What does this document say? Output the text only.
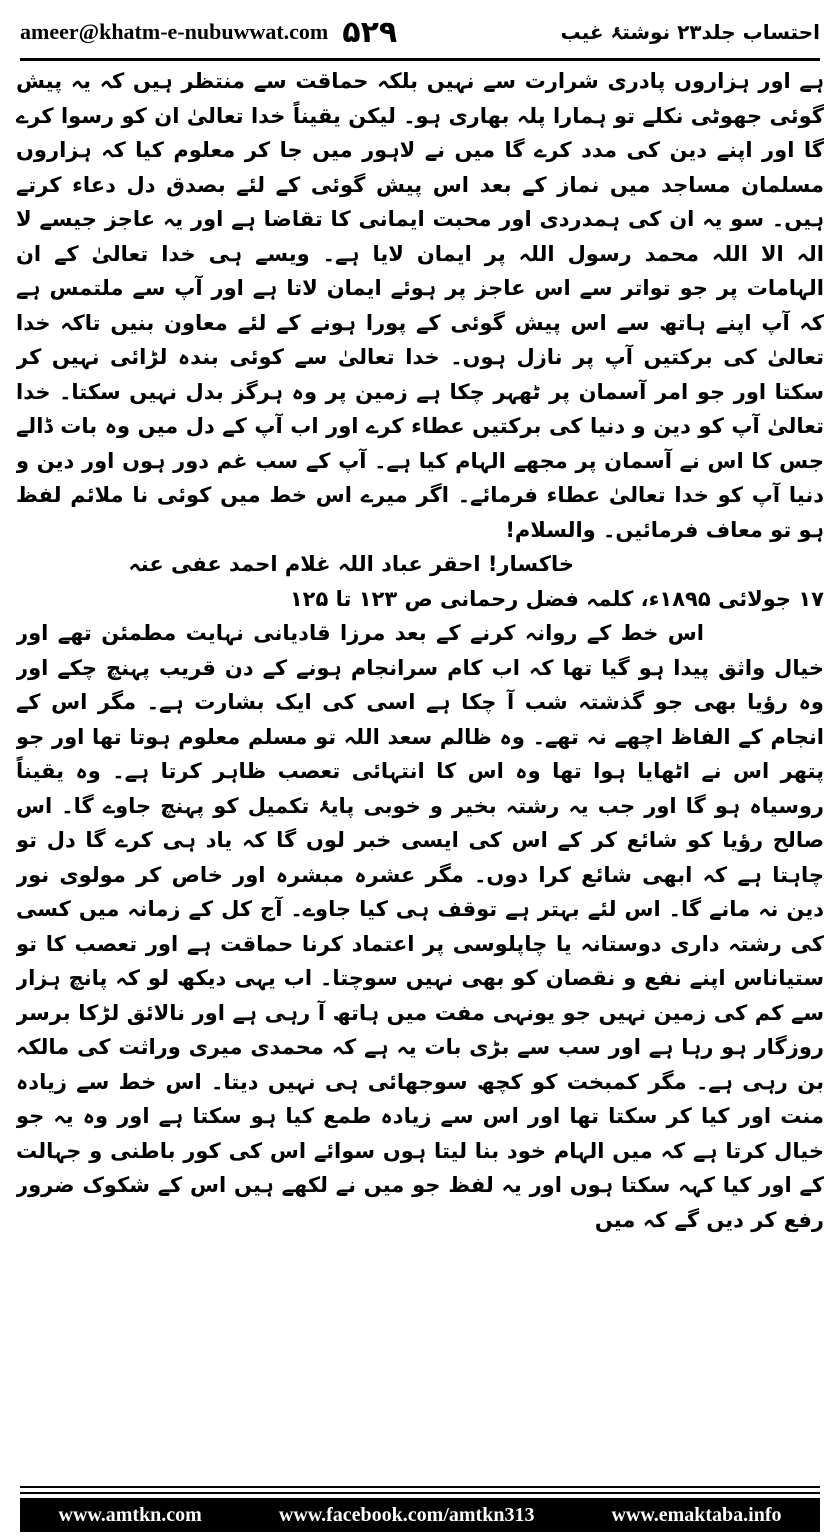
ameer@khatm-e-nubuwwat.com ۵۲۹	احتساب جلد۲۳ نوشتۂ غیب

ہے اور ہزاروں پادری شرارت سے نہیں بلکہ حماقت سے منتظر ہیں کہ یہ پیش گوئی جھوٹی نکلے تو ہمارا پلہ بھاری ہو۔ لیکن یقیناً خدا تعالیٰ ان کو رسوا کرے گا اور اپنے دین کی مدد کرے گا میں نے لاہور میں جا کر معلوم کیا کہ ہزاروں مسلمان مساجد میں نماز کے بعد اس پیش گوئی کے لئے بصدق دل دعاء کرتے ہیں۔ سو یہ ان کی ہمدردی اور محبت ایمانی کا تقاضا ہے اور یہ عاجز جیسے لا الہ الا اللہ محمد رسول اللہ پر ایمان لایا ہے۔ ویسے ہی خدا تعالیٰ کے ان الہامات پر جو تواتر سے اس عاجز پر ہوئے ایمان لاتا ہے اور آپ سے ملتمس ہے کہ آپ اپنے ہاتھ سے اس پیش گوئی کے پورا ہونے کے لئے معاون بنیں تاکہ خدا تعالیٰ کی برکتیں آپ پر نازل ہوں۔ خدا تعالیٰ سے کوئی بندہ لڑائی نہیں کر سکتا اور جو امر آسمان پر ٹھہر چکا ہے زمین پر وہ ہرگز بدل نہیں سکتا۔ خدا تعالیٰ آپ کو دین و دنیا کی برکتیں عطاء کرے اور اب آپ کے دل میں وہ بات ڈالے جس کا اس نے آسمان پر مجھے الہام کیا ہے۔ آپ کے سب غم دور ہوں اور دین و دنیا آپ کو خدا تعالیٰ عطاء فرمائے۔ اگر میرے اس خط میں کوئی نا ملائم لفظ ہو تو معاف فرمائیں۔ والسلام!

خاکسار! احقر عباد اللہ غلام احمد عفی عنہ

۱۷ جولائی ۱۸۹۵ء، کلمہ فضل رحمانی ص ۱۲۳ تا ۱۲۵

اس خط کے روانہ کرنے کے بعد مرزا قادیانی نہایت مطمئن تھے اور خیال واثق پیدا ہو گیا تھا کہ اب کام سرانجام ہونے کے دن قریب پہنچ چکے اور وہ رؤیا بھی جو گذشتہ شب آ چکا ہے اسی کی ایک بشارت ہے۔ مگر اس کے انجام کے الفاظ اچھے نہ تھے۔ وہ ظالم سعد اللہ تو مسلم معلوم ہوتا تھا اور جو پتھر اس نے اٹھایا ہوا تھا وہ اس کا انتہائی تعصب ظاہر کرتا ہے۔ وہ یقیناً روسیاہ ہو گا اور جب یہ رشتہ بخیر و خوبی پایۂ تکمیل کو پہنچ جاوے گا۔ اس صالح رؤیا کو شائع کر کے اس کی ایسی خبر لوں گا کہ یاد ہی کرے گا دل تو چاہتا ہے کہ ابھی شائع کرا دوں۔ مگر عشرہ مبشرہ اور خاص کر مولوی نور دین نہ مانے گا۔ اس لئے بہتر ہے توقف ہی کیا جاوے۔ آج کل کے زمانہ میں کسی کی رشتہ داری دوستانہ یا چاپلوسی پر اعتماد کرنا حماقت ہے اور تعصب کا تو ستیاناس اپنے نفع و نقصان کو بھی نہیں سوچتا۔ اب یہی دیکھ لو کہ پانچ ہزار سے کم کی زمین نہیں جو یونہی مفت میں ہاتھ آ رہی ہے اور نالائق لڑکا برسر روزگار ہو رہا ہے اور سب سے بڑی بات یہ ہے کہ محمدی میری وراثت کی مالکہ بن رہی ہے۔ مگر کمبخت کو کچھ سوجھائی ہی نہیں دیتا۔ اس خط سے زیادہ منت اور کیا کر سکتا تھا اور اس سے زیادہ طمع کیا ہو سکتا ہے اور وہ یہ جو خیال کرتا ہے کہ میں الہام خود بنا لیتا ہوں سوائے اس کی کور باطنی و جہالت کے اور کیا کہہ سکتا ہوں اور یہ لفظ جو میں نے لکھے ہیں اس کے شکوک ضرور رفع کر دیں گے کہ میں

www.amtkn.com	www.facebook.com/amtkn313	www.emaktaba.info
